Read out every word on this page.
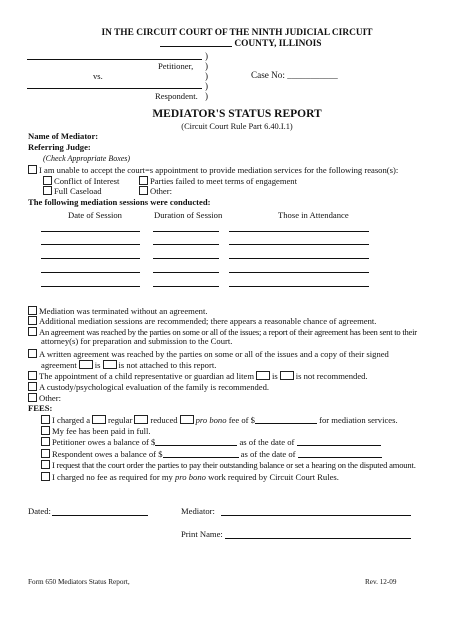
IN THE CIRCUIT COURT OF THE NINTH JUDICIAL CIRCUIT
COUNTY, ILLINOIS
Petitioner,
vs.
Respondent.
)
)
)
)
)
Case No: ___________
MEDIATOR'S STATUS REPORT
(Circuit Court Rule Part 6.40.I.1)
Name of Mediator:
Referring Judge:
(Check Appropriate Boxes)
I am unable to accept the court=s appointment to provide mediation services for the following reason(s):
Conflict of Interest	Parties failed to meet terms of engagement
Full Caseload	Other:
The following mediation sessions were conducted:
Date of Session	Duration of Session	Those in Attendance
Mediation was terminated without an agreement.
Additional mediation sessions are recommended; there appears a reasonable chance of agreement.
An agreement was reached by the parties on some or all of the issues; a report of their agreement has been sent to their
attorney(s) for preparation and submission to the Court.
A written agreement was reached by the parties on some or all of the issues and a copy of their signed
agreement is is not attached to this report.
The appointment of a child representative or guardian ad litem is is not recommended.
A custody/psychological evaluation of the family is recommended.
Other:
FEES:
I charged a regular reduced pro bono fee of $	for mediation services.
My fee has been paid in full.
Petitioner owes a balance of $	as of the date of
Respondent owes a balance of $	as of the date of
I request that the court order the parties to pay their outstanding balance or set a hearing on the disputed amount.
I charged no fee as required for my pro bono work required by Circuit Court Rules.
Dated:	Mediator:
Print Name:
Form 650 Mediators Status Report,	Rev. 12-09
